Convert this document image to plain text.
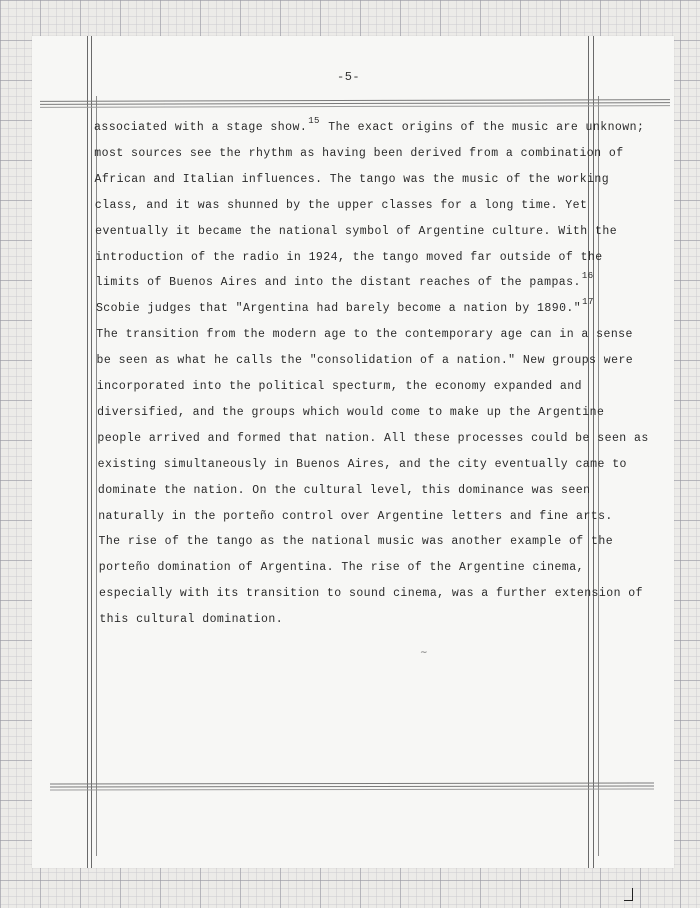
-5-
associated with a stage show.$^{15}$ The exact origins of the music are unknown;
most sources see the rhythm as having been derived from a combination of
African and Italian influences. The tango was the music of the working
class, and it was shunned by the upper classes for a long time. Yet
eventually it became the national symbol of Argentine culture. With the
introduction of the radio in 1924, the tango moved far outside of the
limits of Buenos Aires and into the distant reaches of the pampas.$^{16}$
Scobie judges that "Argentina had barely become a nation by 1890."$^{17}$
The transition from the modern age to the contemporary age can in a sense
be seen as what he calls the "consolidation of a nation." New groups were
incorporated into the political specturm, the economy expanded and
diversified, and the groups which would come to make up the Argentine
people arrived and formed that nation. All these processes could be seen as
existing simultaneously in Buenos Aires, and the city eventually came to
dominate the nation. On the cultural level, this dominance was seen
naturally in the porteño control over Argentine letters and fine arts.
The rise of the tango as the national music was another example of the
porteño domination of Argentina. The rise of the Argentine cinema,
especially with its transition to sound cinema, was a further extension of
this cultural domination.
~
